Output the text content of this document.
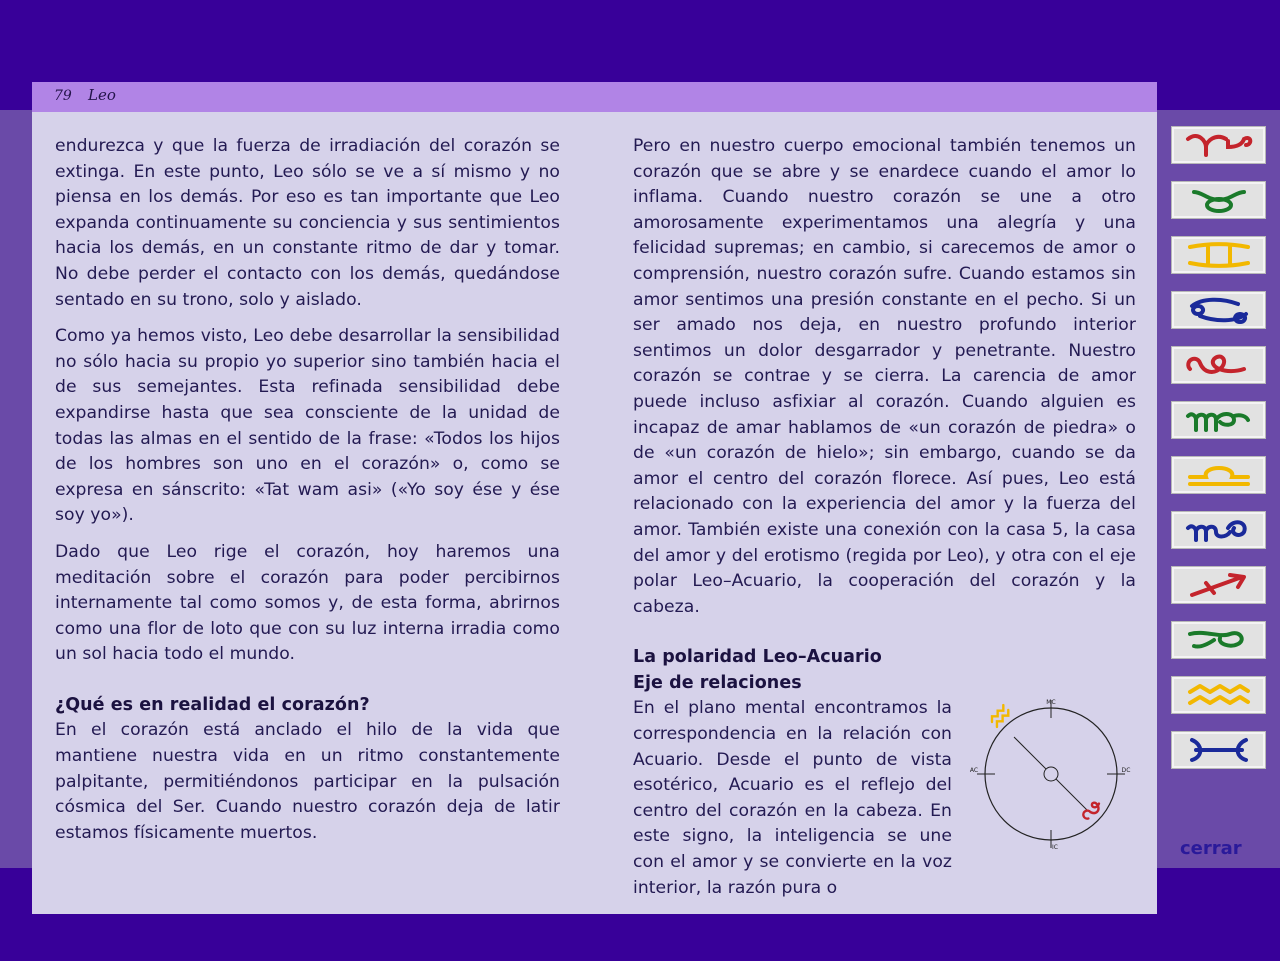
79 Leo

endurezca y que la fuerza de irradiación del corazón se extinga. En este punto, Leo sólo se ve a sí mismo y no piensa en los demás. Por eso es tan importante que Leo expanda continuamente su conciencia y sus sentimientos hacia los demás, en un constante ritmo de dar y tomar. No debe perder el contacto con los demás, quedándose sentado en su trono, solo y aislado.

Como ya hemos visto, Leo debe desarrollar la sensibilidad no sólo hacia su propio yo superior sino también hacia el de sus semejantes. Esta refinada sensibilidad debe expandirse hasta que sea consciente de la unidad de todas las almas en el sentido de la frase: «Todos los hijos de los hombres son uno en el corazón» o, como se expresa en sánscrito: «Tat wam asi» («Yo soy ése y ése soy yo»).

Dado que Leo rige el corazón, hoy haremos una meditación sobre el corazón para poder percibirnos internamente tal como somos y, de esta forma, abrirnos como una flor de loto que con su luz interna irradia como un sol hacia todo el mundo.

¿Qué es en realidad el corazón?

En el corazón está anclado el hilo de la vida que mantiene nuestra vida en un ritmo constantemente palpitante, permitiéndonos participar en la pulsación cósmica del Ser. Cuando nuestro corazón deja de latir estamos físicamente muertos.

Pero en nuestro cuerpo emocional también tenemos un corazón que se abre y se enardece cuando el amor lo inflama. Cuando nuestro corazón se une a otro amorosamente experimentamos una alegría y una felicidad supremas; en cambio, si carecemos de amor o comprensión, nuestro corazón sufre. Cuando estamos sin amor sentimos una presión constante en el pecho. Si un ser amado nos deja, en nuestro profundo interior sentimos un dolor desgarrador y penetrante. Nuestro corazón se contrae y se cierra. La carencia de amor puede incluso asfixiar al corazón. Cuando alguien es incapaz de amar hablamos de «un corazón de piedra» o de «un corazón de hielo»; sin embargo, cuando se da amor el centro del corazón florece. Así pues, Leo está relacionado con la experiencia del amor y la fuerza del amor. También existe una conexión con la casa 5, la casa del amor y del erotismo (regida por Leo), y otra con el eje polar Leo–Acuario, la cooperación del corazón y la cabeza.

La polaridad Leo–Acuario
Eje de relaciones
En el plano mental encontramos la correspondencia en la relación con Acuario. Desde el punto de vista esotérico, Acuario es el reflejo del centro del corazón en la cabeza. En este signo, la inteligencia se une con el amor y se convierte en la voz interior, la razón pura o
MC
IC
AC	DC
cerrar
